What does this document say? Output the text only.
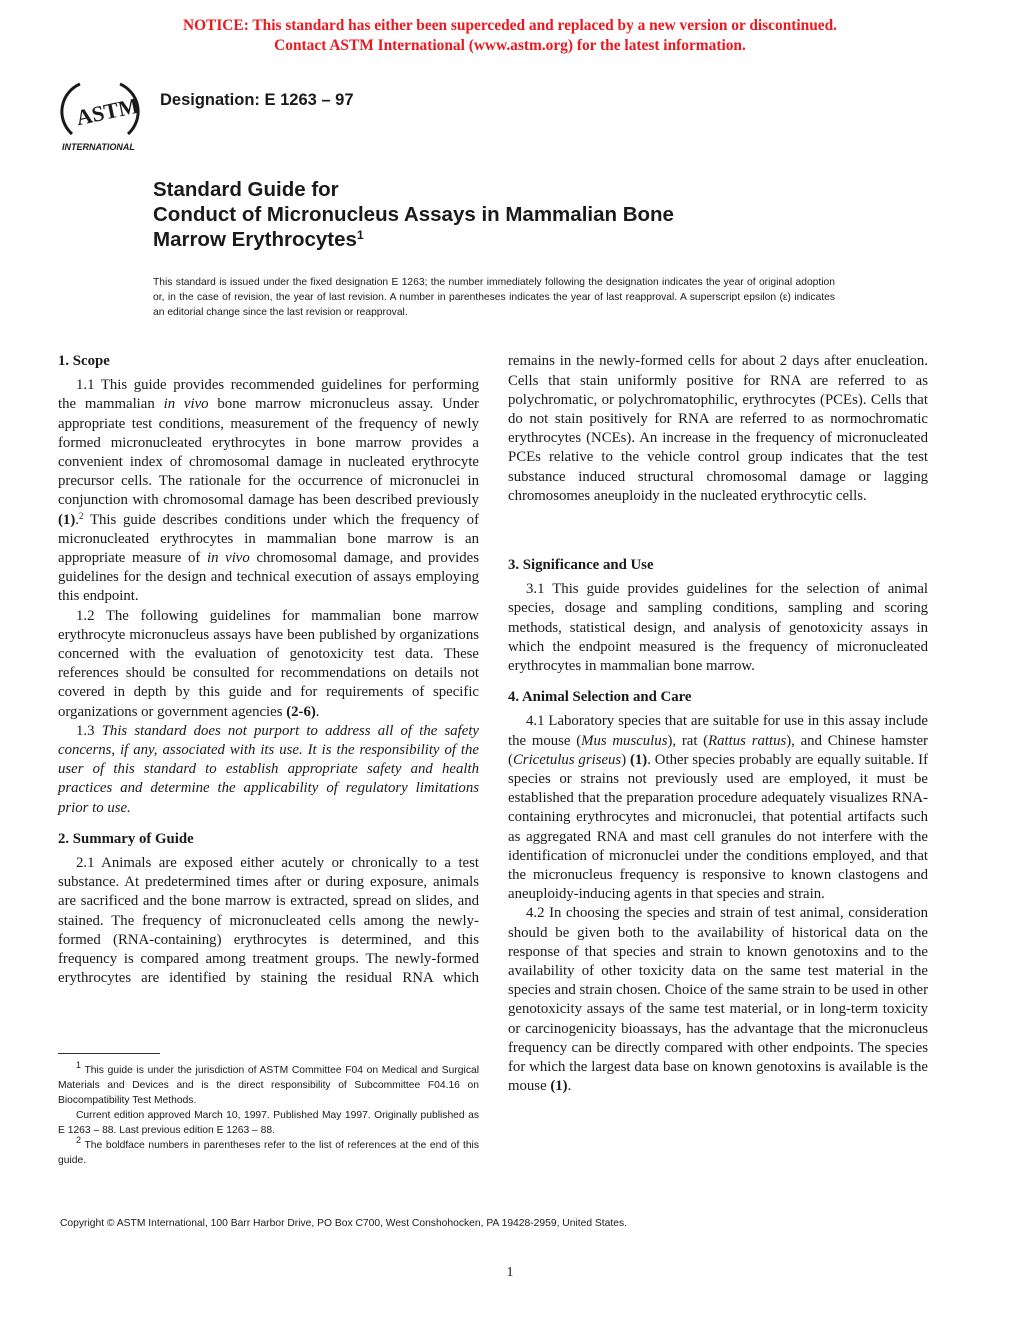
NOTICE: This standard has either been superceded and replaced by a new version or discontinued.
Contact ASTM International (www.astm.org) for the latest information.
ASTM
INTERNATIONAL
Designation: E 1263 – 97
Standard Guide for
Conduct of Micronucleus Assays in Mammalian Bone
Marrow Erythrocytes$^1$
This standard is issued under the fixed designation E 1263; the number immediately following the designation indicates the year of original adoption or, in the case of revision, the year of last revision. A number in parentheses indicates the year of last reapproval. A superscript epsilon (ε) indicates an editorial change since the last revision or reapproval.

1. Scope

1.1 This guide provides recommended guidelines for performing the mammalian in vivo bone marrow micronucleus assay. Under appropriate test conditions, measurement of the frequency of newly formed micronucleated erythrocytes in bone marrow provides a convenient index of chromosomal damage in nucleated erythrocyte precursor cells. The rationale for the occurrence of micronuclei in conjunction with chromosomal damage has been described previously (1).$^2$ This guide describes conditions under which the frequency of micronucleated erythrocytes in mammalian bone marrow is an appropriate measure of in vivo chromosomal damage, and provides guidelines for the design and technical execution of assays employing this endpoint.

1.2 The following guidelines for mammalian bone marrow erythrocyte micronucleus assays have been published by organizations concerned with the evaluation of genotoxicity test data. These references should be consulted for recommendations on details not covered in depth by this guide and for requirements of specific organizations or government agencies (2-6).

1.3 This standard does not purport to address all of the safety concerns, if any, associated with its use. It is the responsibility of the user of this standard to establish appropriate safety and health practices and determine the applicability of regulatory limitations prior to use.

2. Summary of Guide

2.1 Animals are exposed either acutely or chronically to a test substance. At predetermined times after or during exposure, animals are sacrificed and the bone marrow is extracted, spread on slides, and stained. The frequency of micronucleated cells among the newly-formed (RNA-containing) erythrocytes is determined, and this frequency is compared among treatment groups. The newly-formed erythrocytes are identified by staining the residual RNA which

remains in the newly-formed cells for about 2 days after enucleation. Cells that stain uniformly positive for RNA are referred to as polychromatic, or polychromatophilic, erythrocytes (PCEs). Cells that do not stain positively for RNA are referred to as normochromatic erythrocytes (NCEs). An increase in the frequency of micronucleated PCEs relative to the vehicle control group indicates that the test substance induced structural chromosomal damage or lagging chromosomes aneuploidy in the nucleated erythrocytic cells.

3. Significance and Use

3.1 This guide provides guidelines for the selection of animal species, dosage and sampling conditions, sampling and scoring methods, statistical design, and analysis of genotoxicity assays in which the endpoint measured is the frequency of micronucleated erythrocytes in mammalian bone marrow.

4. Animal Selection and Care

4.1 Laboratory species that are suitable for use in this assay include the mouse (Mus musculus), rat (Rattus rattus), and Chinese hamster (Cricetulus griseus) (1). Other species probably are equally suitable. If species or strains not previously used are employed, it must be established that the preparation procedure adequately visualizes RNA-containing erythrocytes and micronuclei, that potential artifacts such as aggregated RNA and mast cell granules do not interfere with the identification of micronuclei under the conditions employed, and that the micronucleus frequency is responsive to known clastogens and aneuploidy-inducing agents in that species and strain.

4.2 In choosing the species and strain of test animal, consideration should be given both to the availability of historical data on the response of that species and strain to known genotoxins and to the availability of other toxicity data on the same test material in the species and strain chosen. Choice of the same strain to be used in other genotoxicity assays of the same test material, or in long-term toxicity or carcinogenicity bioassays, has the advantage that the micronucleus frequency can be directly compared with other endpoints. The species for which the largest data base on known genotoxins is available is the mouse (1).

$^1$ This guide is under the jurisdiction of ASTM Committee F04 on Medical and Surgical Materials and Devices and is the direct responsibility of Subcommittee F04.16 on Biocompatibility Test Methods.

Current edition approved March 10, 1997. Published May 1997. Originally published as E 1263 – 88. Last previous edition E 1263 – 88.

$^2$ The boldface numbers in parentheses refer to the list of references at the end of this guide.

Copyright © ASTM International, 100 Barr Harbor Drive, PO Box C700, West Conshohocken, PA 19428-2959, United States.
1
